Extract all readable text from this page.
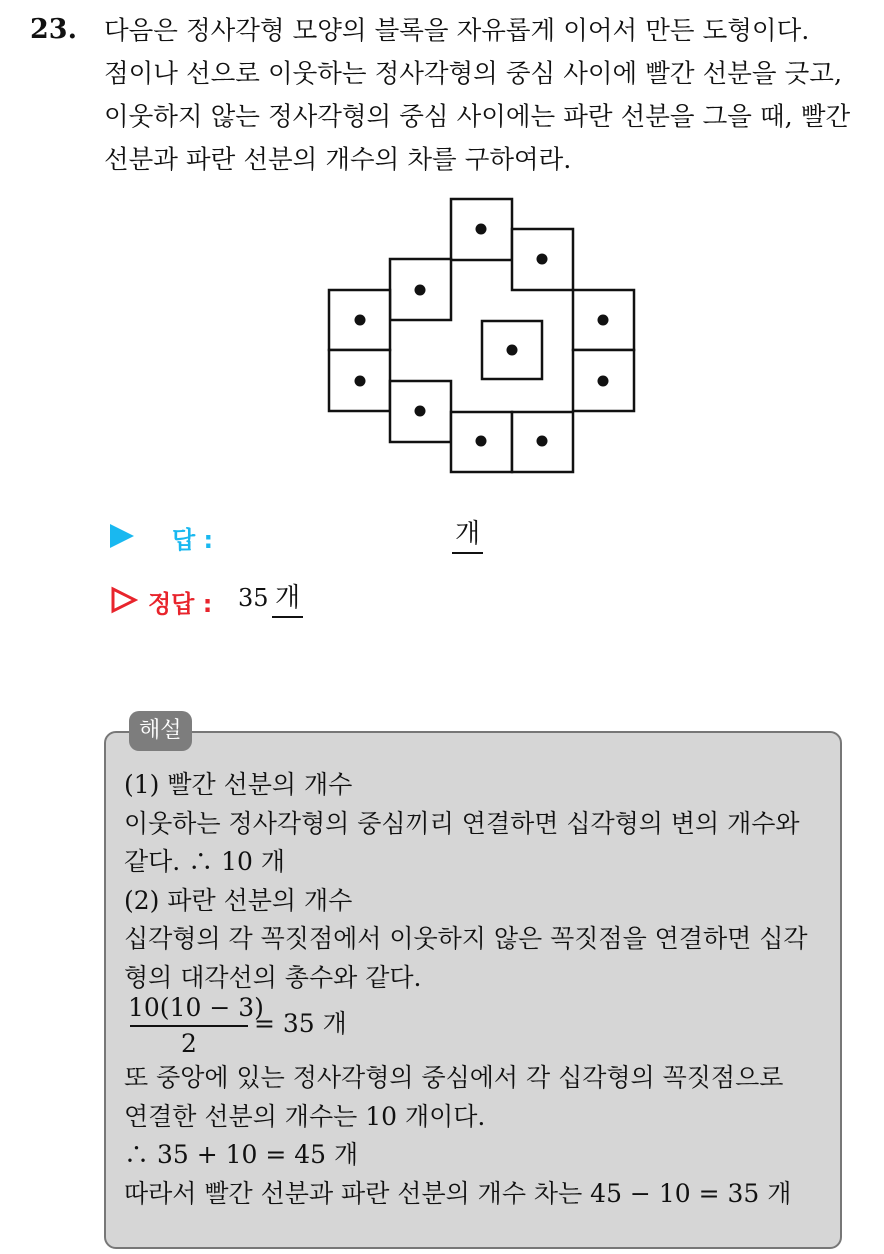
23. 다음은 정사각형 모양의 블록을 자유롭게 이어서 만든 도형이다.
점이나 선으로 이웃하는 정사각형의 중심 사이에 빨간 선분을 긋고,
이웃하지 않는 정사각형의 중심 사이에는 파란 선분을 그을 때, 빨간
선분과 파란 선분의 개수의 차를 구하여라.
답 :	개
정답 : 35 개
해설
(1) 빨간 선분의 개수
이웃하는 정사각형의 중심끼리 연결하면 십각형의 변의 개수와
같다. ∴ 10 개
(2) 파란 선분의 개수
십각형의 각 꼭짓점에서 이웃하지 않은 꼭짓점을 연결하면 십각
형의 대각선의 총수와 같다.
10(10 − 3)
2
= 35 개
또 중앙에 있는 정사각형의 중심에서 각 십각형의 꼭짓점으로
연결한 선분의 개수는 10 개이다.
∴ 35 + 10 = 45 개
따라서 빨간 선분과 파란 선분의 개수 차는 45 − 10 = 35 개
